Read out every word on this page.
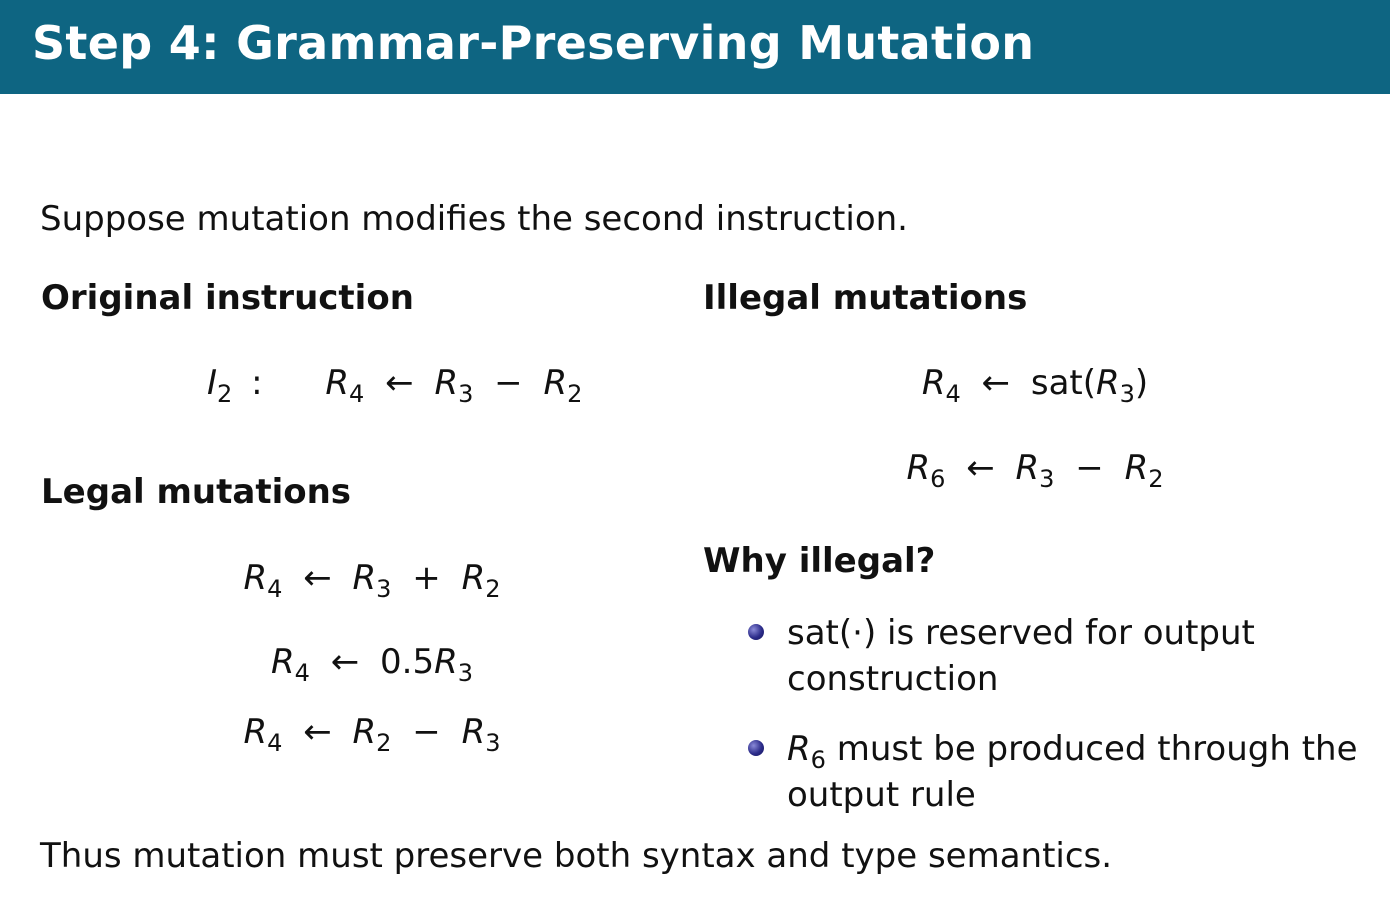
Step 4: Grammar-Preserving Mutation
Suppose mutation modifies the second instruction.
Original instruction
$I_2$ : $R_4$ ← $R_3 - R_2$
Legal mutations
$R_4$ ← $R_3 + R_2$
$R_4$ ← $0.5R_3$
$R_4$ ← $R_2 - R_3$
Illegal mutations
$R_4$ ← $sat(R_3)$
$R_6$ ← $R_3 - R_2$
Why illegal?
sat(·) is reserved for output construction
$R_6$ must be produced through the output rule
Thus mutation must preserve both syntax and type semantics.
